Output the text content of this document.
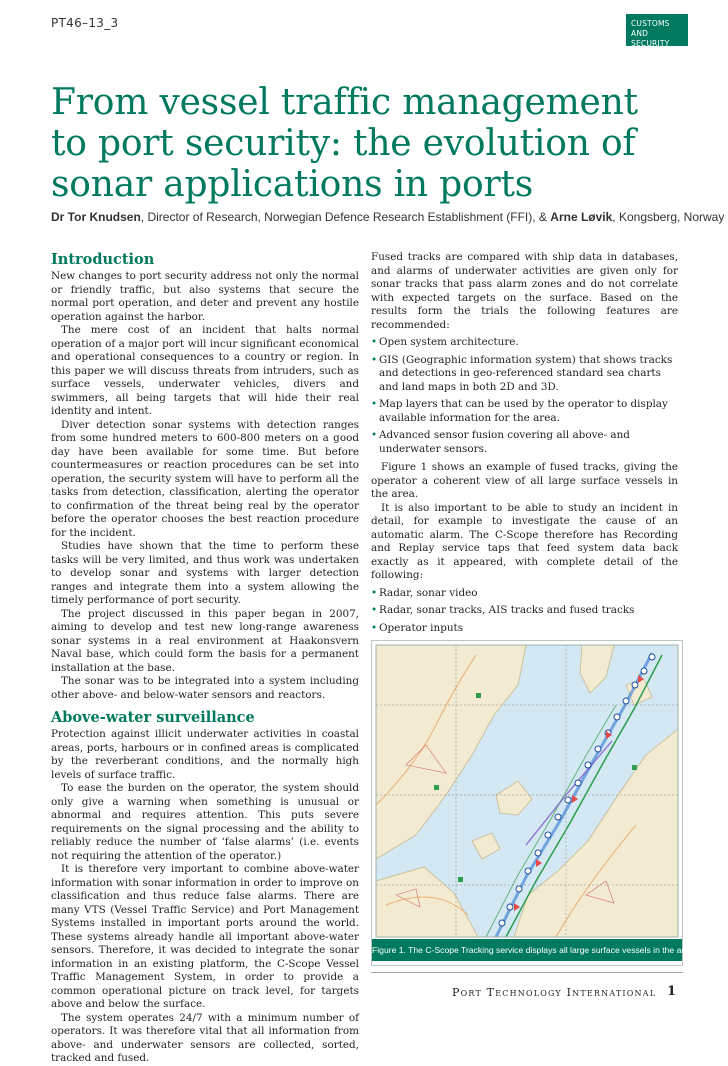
PT46–13_3	CUSTOMS AND
SECURITY
From vessel traffic management to port security: the evolution of sonar applications in ports
Dr Tor Knudsen, Director of Research, Norwegian Defence Research Establishment (FFI), & Arne Løvik, Kongsberg, Norway
Introduction

New changes to port security address not only the normal or friendly traffic, but also systems that secure the normal port operation, and deter and prevent any hostile operation against the harbor.

The mere cost of an incident that halts normal operation of a major port will incur significant economical and operational consequences to a country or region. In this paper we will discuss threats from intruders, such as surface vessels, underwater vehicles, divers and swimmers, all being targets that will hide their real identity and intent.

Diver detection sonar systems with detection ranges from some hundred meters to 600-800 meters on a good day have been available for some time. But before countermeasures or reaction procedures can be set into operation, the security system will have to perform all the tasks from detection, classification, alerting the operator to confirmation of the threat being real by the operator before the operator chooses the best reaction procedure for the incident.

Studies have shown that the time to perform these tasks will be very limited, and thus work was undertaken to develop sonar and systems with larger detection ranges and integrate them into a system allowing the timely performance of port security.

The project discussed in this paper began in 2007, aiming to develop and test new long-range awareness sonar systems in a real environment at Haakonsvern Naval base, which could form the basis for a permanent installation at the base.

The sonar was to be integrated into a system including other above- and below-water sensors and reactors.

Above-water surveillance

Protection against illicit underwater activities in coastal areas, ports, harbours or in confined areas is complicated by the reverberant conditions, and the normally high levels of surface traffic.

To ease the burden on the operator, the system should only give a warning when something is unusual or abnormal and requires attention. This puts severe requirements on the signal processing and the ability to reliably reduce the number of ‘false alarms’ (i.e. events not requiring the attention of the operator.)

It is therefore very important to combine above-water information with sonar information in order to improve on classification and thus reduce false alarms. There are many VTS (Vessel Traffic Service) and Port Management Systems installed in important ports around the world. These systems already handle all important above-water sensors. Therefore, it was decided to integrate the sonar information in an existing platform, the C-Scope Vessel Traffic Management System, in order to provide a common operational picture on track level, for targets above and below the surface.

The system operates 24/7 with a minimum number of operators. It was therefore vital that all information from above- and underwater sensors are collected, sorted, tracked and fused.

Fused tracks are compared with ship data in databases, and alarms of underwater activities are given only for sonar tracks that pass alarm zones and do not correlate with expected targets on the surface. Based on the results form the trials the following features are recommended:

• Open system architecture.
• GIS (Geographic information system) that shows tracks and detections in geo-referenced standard sea charts and land maps in both 2D and 3D.
• Map layers that can be used by the operator to display available information for the area.
• Advanced sensor fusion covering all above- and underwater sensors.

Figure 1 shows an example of fused tracks, giving the operator a coherent view of all large surface vessels in the area.

It is also important to be able to study an incident in detail, for example to investigate the cause of an automatic alarm. The C-Scope therefore has Recording and Replay service taps that feed system data back exactly as it appeared, with complete detail of the following:

• Radar, sonar video
• Radar, sonar tracks, AIS tracks and fused tracks
• Operator inputs
Figure 1. The C-Scope Tracking service displays all large surface vessels in the area.
Port Technology International 1
